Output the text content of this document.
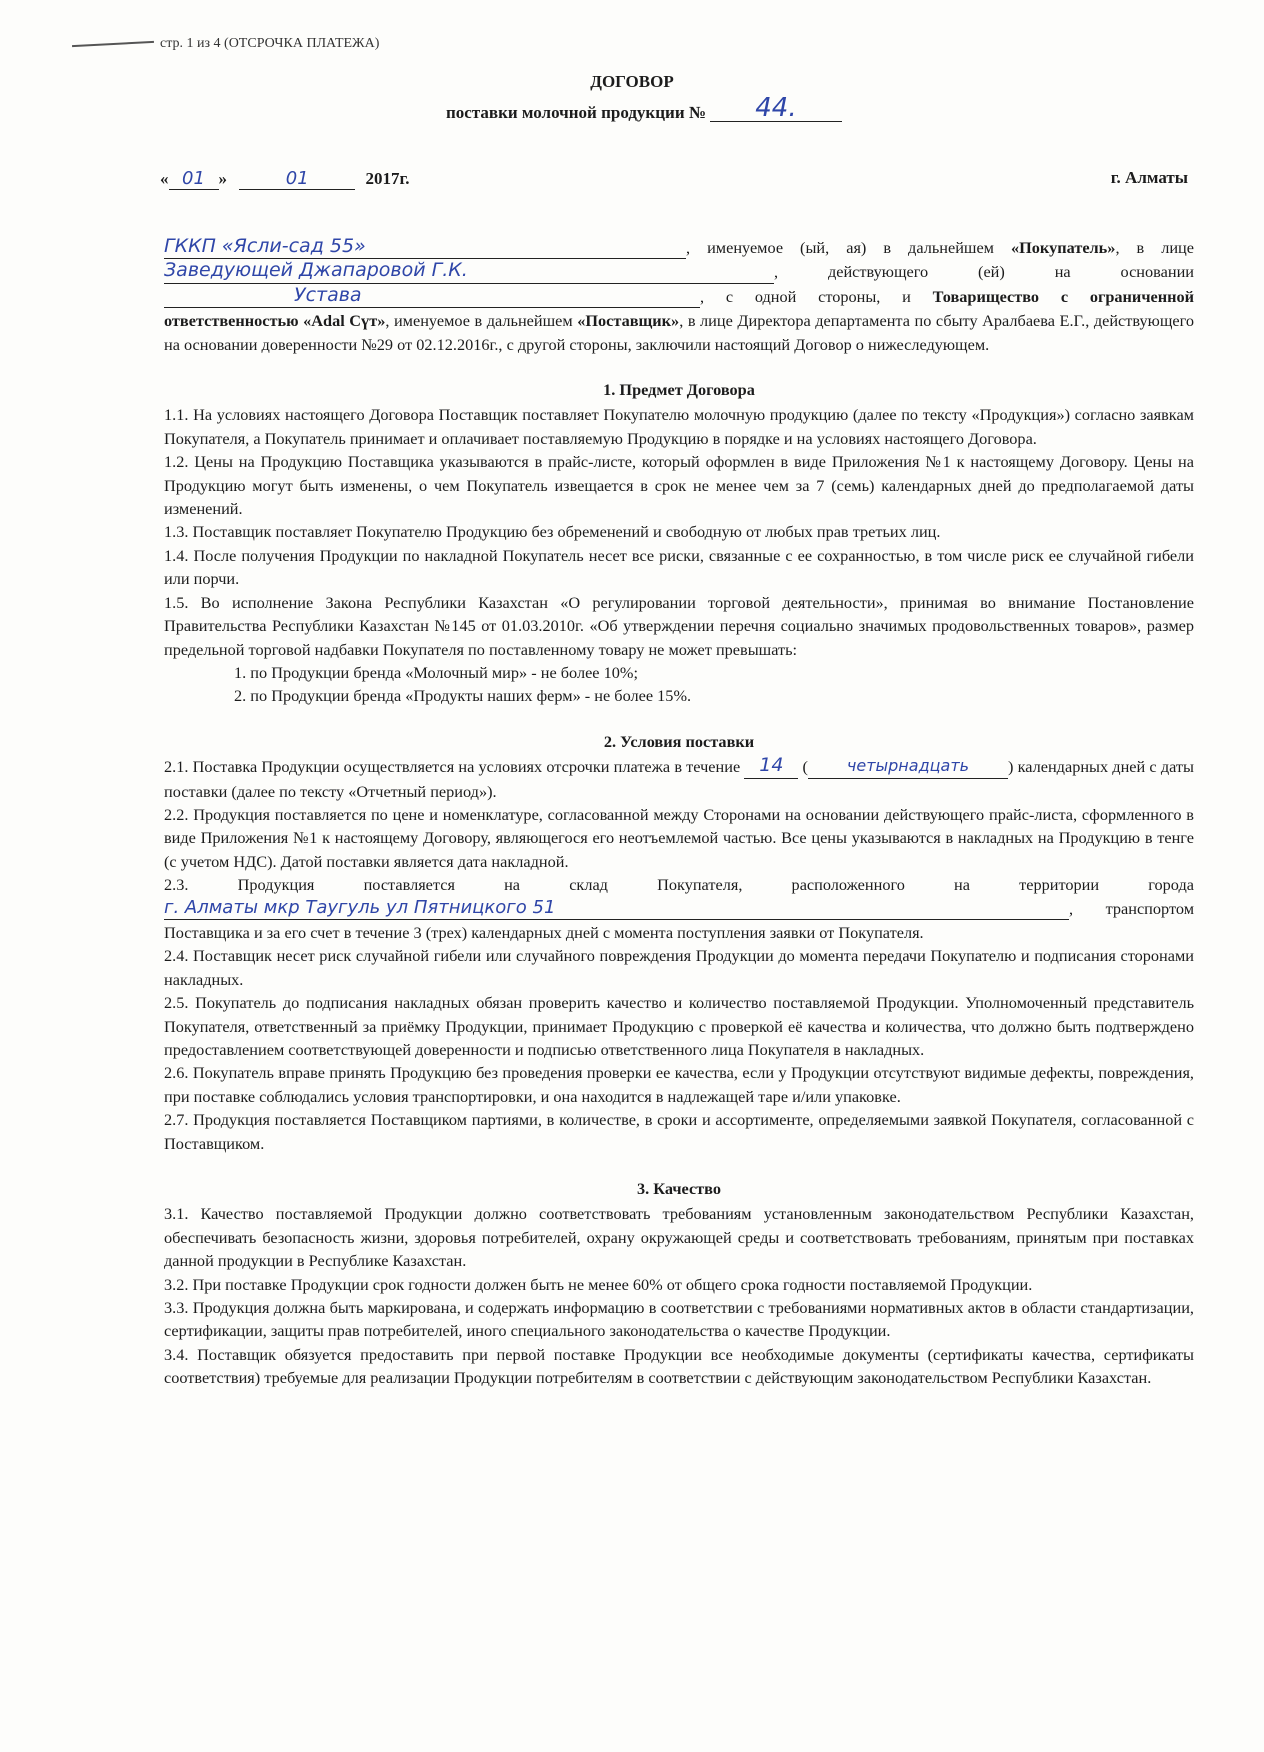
стр. 1 из 4 (ОТСРОЧКА ПЛАТЕЖА)
ДОГОВОР
поставки молочной продукции № 44.
« 01 »	01	2017г.	г. Алматы

ГККП «Ясли-сад 55»	, именуемое (ый, ая) в дальнейшем «Покупатель», в лице Заведующей Джапаровой Г.К.	, действующего (ей) на основании Устава	, с одной стороны, и Товарищество с ограниченной ответственностью «Adal Сүт», именуемое в дальнейшем «Поставщик», в лице Директора департамента по сбыту Аралбаева Е.Г., действующего на основании доверенности №29 от 02.12.2016г., с другой стороны, заключили настоящий Договор о нижеследующем.

1. Предмет Договора

1.1. На условиях настоящего Договора Поставщик поставляет Покупателю молочную продукцию (далее по тексту «Продукция») согласно заявкам Покупателя, а Покупатель принимает и оплачивает поставляемую Продукцию в порядке и на условиях настоящего Договора.

1.2. Цены на Продукцию Поставщика указываются в прайс-листе, который оформлен в виде Приложения №1 к настоящему Договору. Цены на Продукцию могут быть изменены, о чем Покупатель извещается в срок не менее чем за 7 (семь) календарных дней до предполагаемой даты изменений.

1.3. Поставщик поставляет Покупателю Продукцию без обременений и свободную от любых прав третьих лиц.

1.4. После получения Продукции по накладной Покупатель несет все риски, связанные с ее сохранностью, в том числе риск ее случайной гибели или порчи.

1.5. Во исполнение Закона Республики Казахстан «О регулировании торговой деятельности», принимая во внимание Постановление Правительства Республики Казахстан №145 от 01.03.2010г. «Об утверждении перечня социально значимых продовольственных товаров», размер предельной торговой надбавки Покупателя по поставленному товару не может превышать:

1. по Продукции бренда «Молочный мир» - не более 10%;

2. по Продукции бренда «Продукты наших ферм» - не более 15%.

2. Условия поставки

2.1. Поставка Продукции осуществляется на условиях отсрочки платежа в течение 14 ( четырнадцать ) календарных дней с даты поставки (далее по тексту «Отчетный период»).

2.2. Продукция поставляется по цене и номенклатуре, согласованной между Сторонами на основании действующего прайс-листа, сформленного в виде Приложения №1 к настоящему Договору, являющегося его неотъемлемой частью. Все цены указываются в накладных на Продукцию в тенге (с учетом НДС). Датой поставки является дата накладной.

2.3. Продукция поставляется на склад Покупателя, расположенного на территории города г. Алматы мкр Таугуль ул Пятницкого 51	, транспортом Поставщика и за его счет в течение 3 (трех) календарных дней с момента поступления заявки от Покупателя.

2.4. Поставщик несет риск случайной гибели или случайного повреждения Продукции до момента передачи Покупателю и подписания сторонами накладных.

2.5. Покупатель до подписания накладных обязан проверить качество и количество поставляемой Продукции. Уполномоченный представитель Покупателя, ответственный за приёмку Продукции, принимает Продукцию с проверкой её качества и количества, что должно быть подтверждено предоставлением соответствующей доверенности и подписью ответственного лица Покупателя в накладных.

2.6. Покупатель вправе принять Продукцию без проведения проверки ее качества, если у Продукции отсутствуют видимые дефекты, повреждения, при поставке соблюдались условия транспортировки, и она находится в надлежащей таре и/или упаковке.

2.7. Продукция поставляется Поставщиком партиями, в количестве, в сроки и ассортименте, определяемыми заявкой Покупателя, согласованной с Поставщиком.

3. Качество

3.1. Качество поставляемой Продукции должно соответствовать требованиям установленным законодательством Республики Казахстан, обеспечивать безопасность жизни, здоровья потребителей, охрану окружающей среды и соответствовать требованиям, принятым при поставках данной продукции в Республике Казахстан.

3.2. При поставке Продукции срок годности должен быть не менее 60% от общего срока годности поставляемой Продукции.

3.3. Продукция должна быть маркирована, и содержать информацию в соответствии с требованиями нормативных актов в области стандартизации, сертификации, защиты прав потребителей, иного специального законодательства о качестве Продукции.

3.4. Поставщик обязуется предоставить при первой поставке Продукции все необходимые документы (сертификаты качества, сертификаты соответствия) требуемые для реализации Продукции потребителям в соответствии с действующим законодательством Республики Казахстан.
